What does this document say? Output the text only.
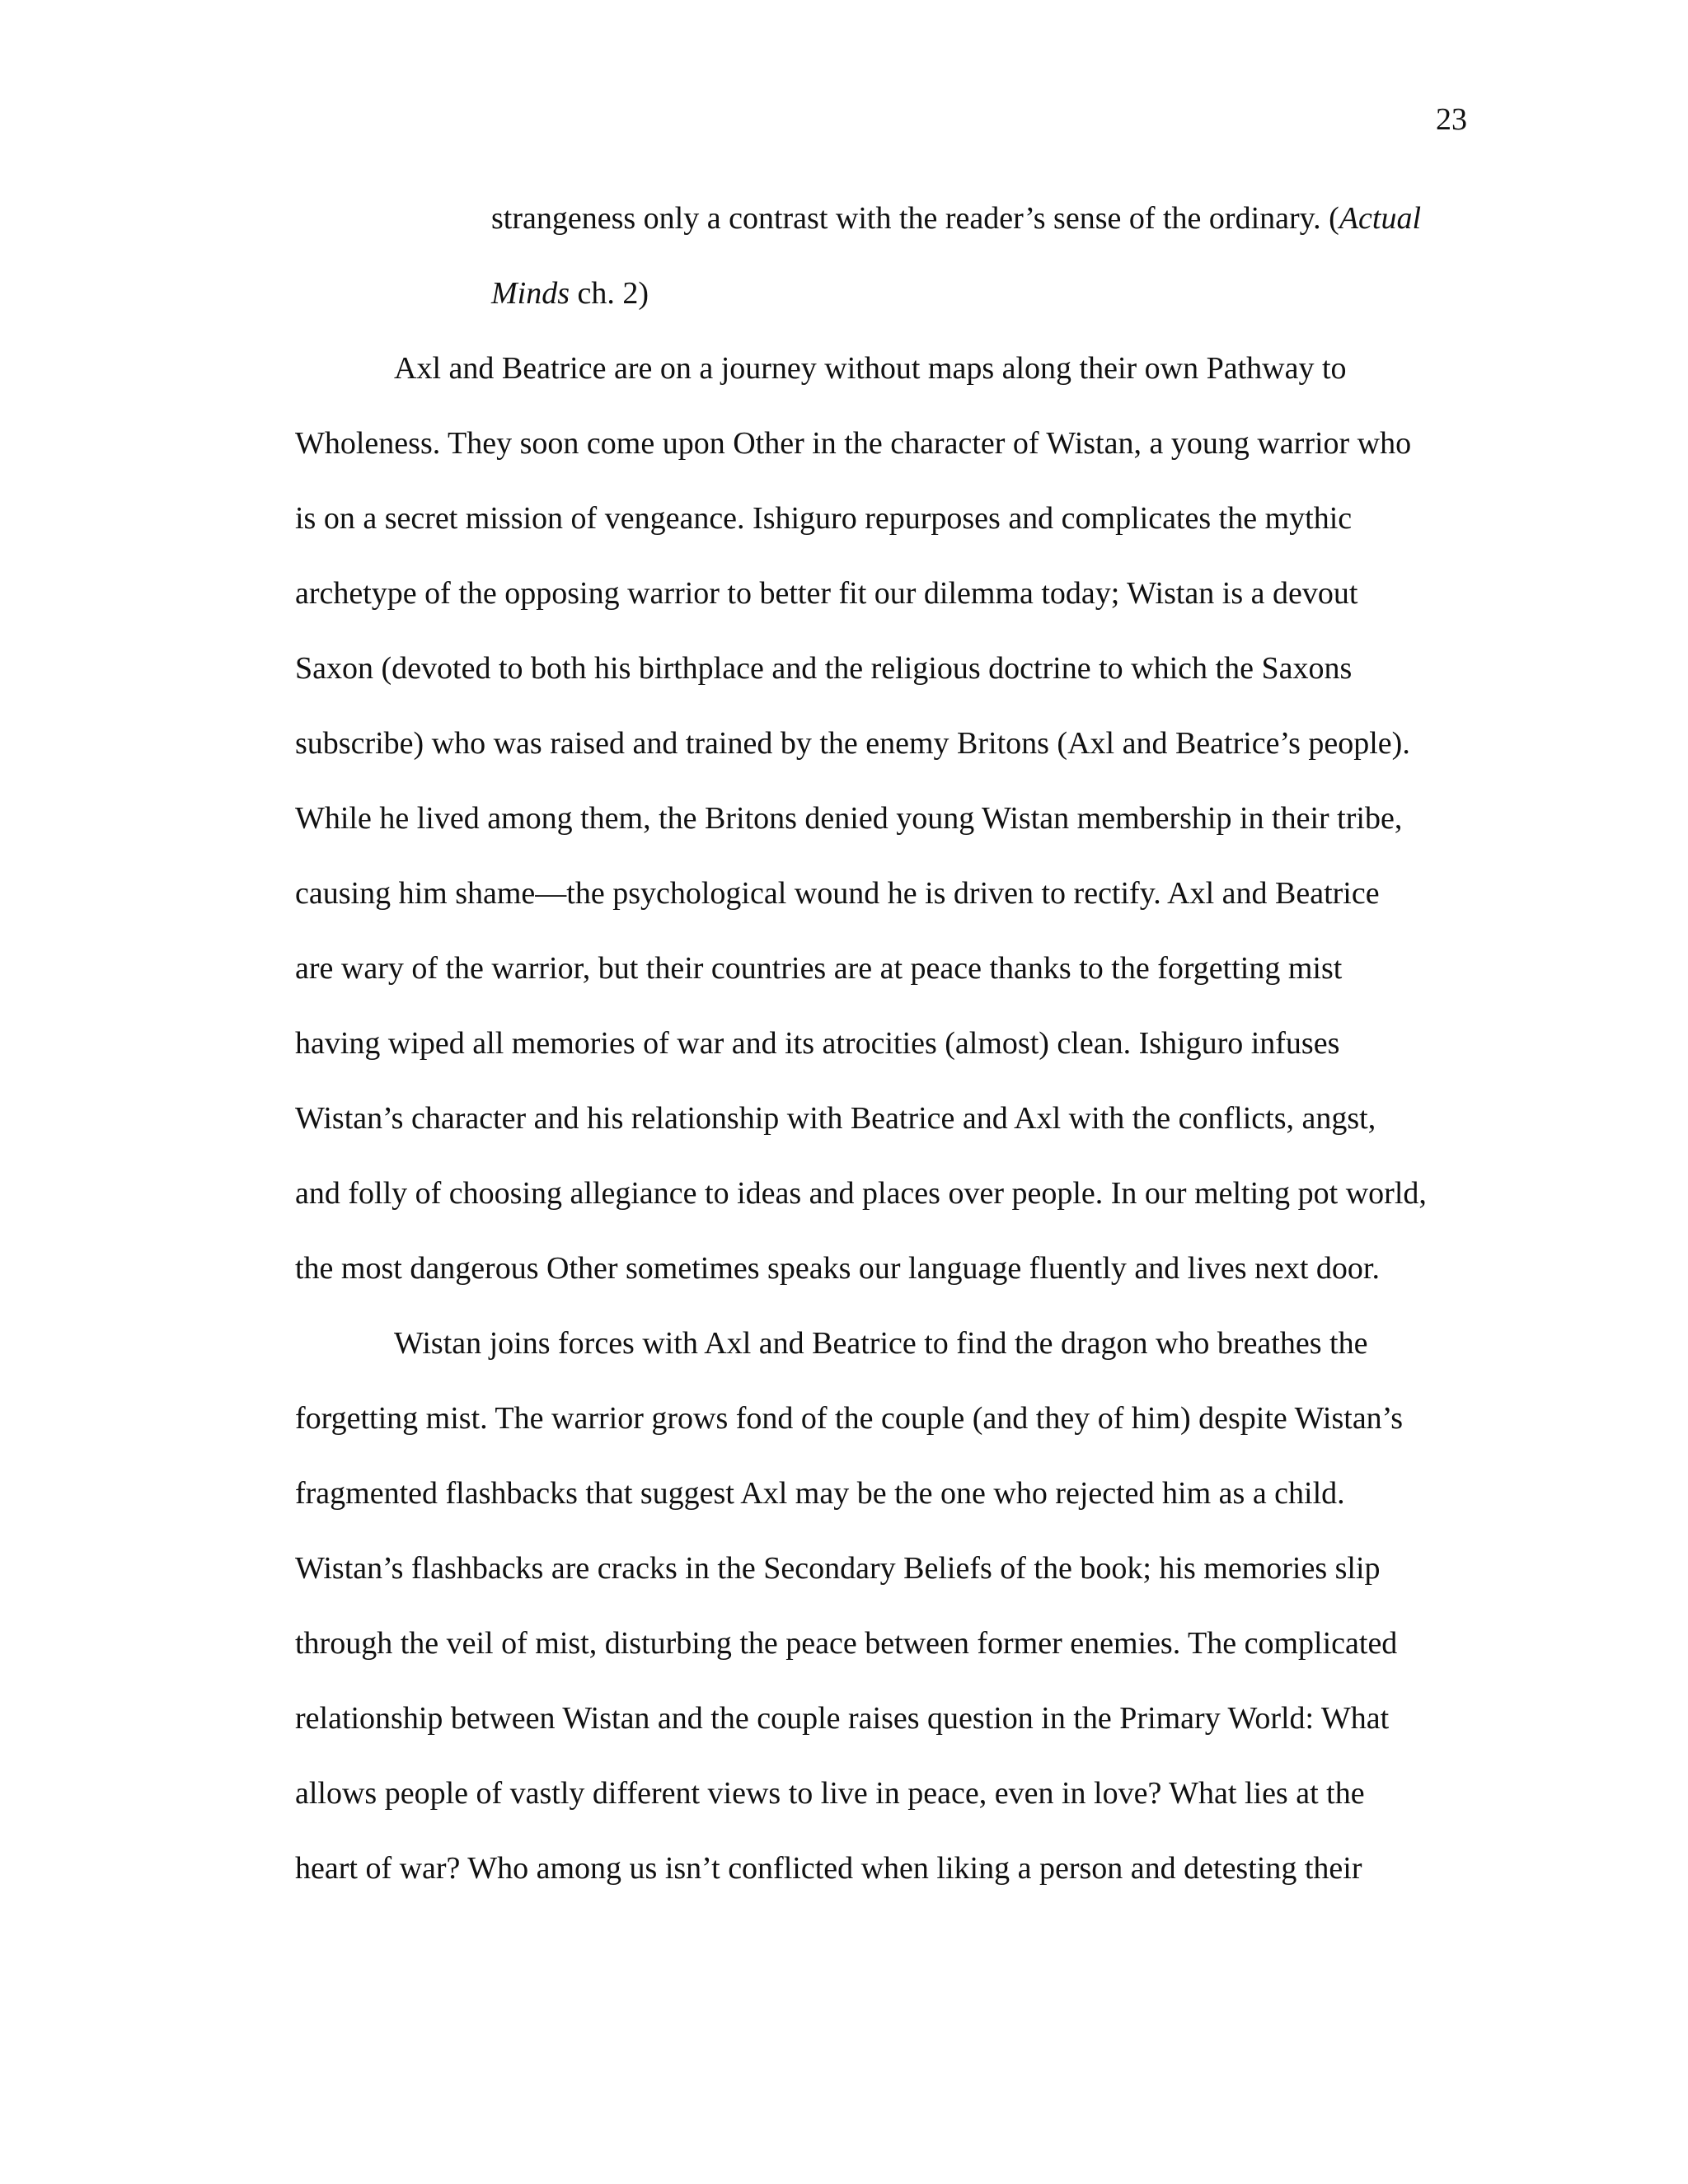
23
strangeness only a contrast with the reader’s sense of the ordinary. (Actual
Minds ch. 2)
Axl and Beatrice are on a journey without maps along their own Pathway to
Wholeness. They soon come upon Other in the character of Wistan, a young warrior who
is on a secret mission of vengeance. Ishiguro repurposes and complicates the mythic
archetype of the opposing warrior to better fit our dilemma today; Wistan is a devout
Saxon (devoted to both his birthplace and the religious doctrine to which the Saxons
subscribe) who was raised and trained by the enemy Britons (Axl and Beatrice’s people).
While he lived among them, the Britons denied young Wistan membership in their tribe,
causing him shame—the psychological wound he is driven to rectify. Axl and Beatrice
are wary of the warrior, but their countries are at peace thanks to the forgetting mist
having wiped all memories of war and its atrocities (almost) clean. Ishiguro infuses
Wistan’s character and his relationship with Beatrice and Axl with the conflicts, angst,
and folly of choosing allegiance to ideas and places over people. In our melting pot world,
the most dangerous Other sometimes speaks our language fluently and lives next door.
Wistan joins forces with Axl and Beatrice to find the dragon who breathes the
forgetting mist. The warrior grows fond of the couple (and they of him) despite Wistan’s
fragmented flashbacks that suggest Axl may be the one who rejected him as a child.
Wistan’s flashbacks are cracks in the Secondary Beliefs of the book; his memories slip
through the veil of mist, disturbing the peace between former enemies. The complicated
relationship between Wistan and the couple raises question in the Primary World: What
allows people of vastly different views to live in peace, even in love? What lies at the
heart of war? Who among us isn’t conflicted when liking a person and detesting their
